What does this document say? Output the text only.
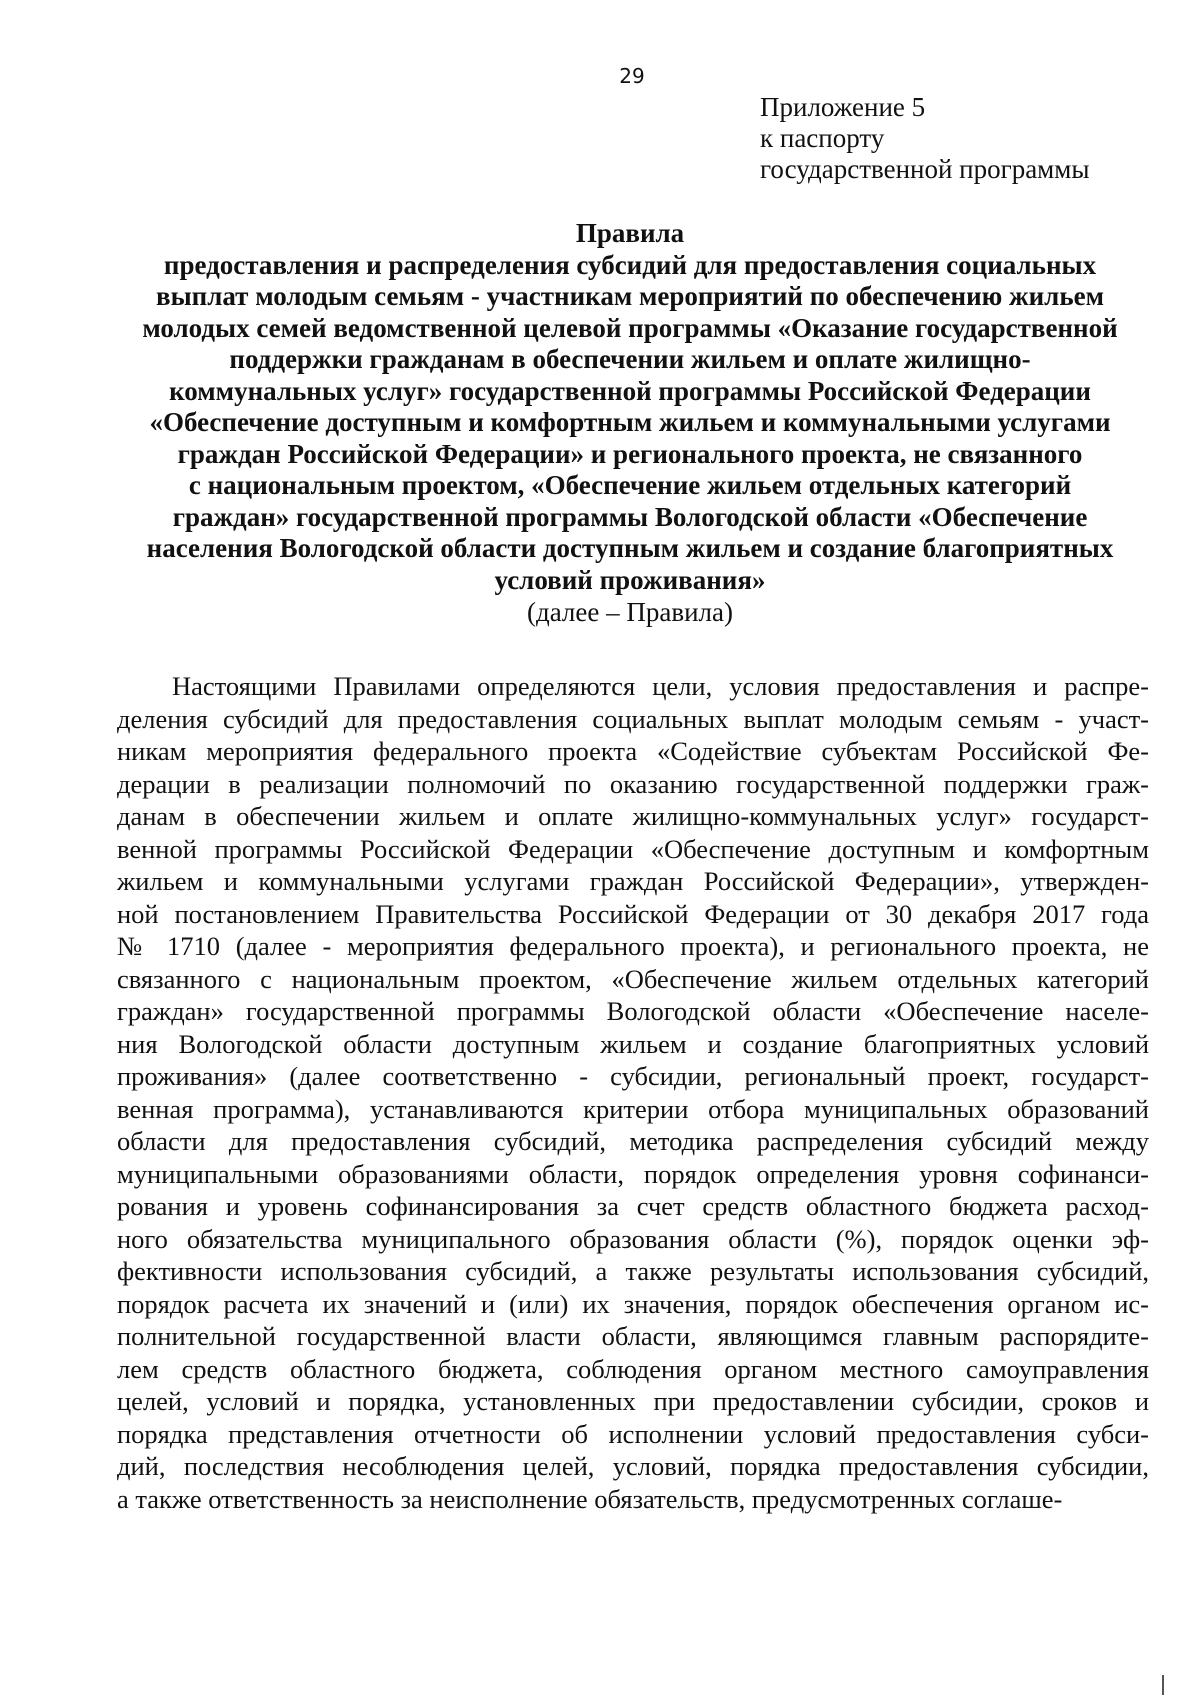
29
Приложение 5
к паспорту
государственной программы
Правила
предоставления и распределения субсидий для предоставления социальных
выплат молодым семьям - участникам мероприятий по обеспечению жильем
молодых семей ведомственной целевой программы «Оказание государственной
поддержки гражданам в обеспечении жильем и оплате жилищно-
коммунальных услуг» государственной программы Российской Федерации
«Обеспечение доступным и комфортным жильем и коммунальными услугами
граждан Российской Федерации» и регионального проекта, не связанного
с национальным проектом, «Обеспечение жильем отдельных категорий
граждан» государственной программы Вологодской области «Обеспечение
населения Вологодской области доступным жильем и создание благоприятных
условий проживания»
(далее – Правила)
Настоящими Правилами определяются цели, условия предоставления и распре-
деления субсидий для предоставления социальных выплат молодым семьям - участ-
никам мероприятия федерального проекта «Содействие субъектам Российской Фе-
дерации в реализации полномочий по оказанию государственной поддержки граж-
данам в обеспечении жильем и оплате жилищно-коммунальных услуг» государст-
венной программы Российской Федерации «Обеспечение доступным и комфортным
жильем и коммунальными услугами граждан Российской Федерации», утвержден-
ной постановлением Правительства Российской Федерации от 30 декабря 2017 года
№ 1710 (далее - мероприятия федерального проекта), и регионального проекта, не
связанного с национальным проектом, «Обеспечение жильем отдельных категорий
граждан» государственной программы Вологодской области «Обеспечение населе-
ния Вологодской области доступным жильем и создание благоприятных условий
проживания» (далее соответственно - субсидии, региональный проект, государст-
венная программа), устанавливаются критерии отбора муниципальных образований
области для предоставления субсидий, методика распределения субсидий между
муниципальными образованиями области, порядок определения уровня софинанси-
рования и уровень софинансирования за счет средств областного бюджета расход-
ного обязательства муниципального образования области (%), порядок оценки эф-
фективности использования субсидий, а также результаты использования субсидий,
порядок расчета их значений и (или) их значения, порядок обеспечения органом ис-
полнительной государственной власти области, являющимся главным распорядите-
лем средств областного бюджета, соблюдения органом местного самоуправления
целей, условий и порядка, установленных при предоставлении субсидии, сроков и
порядка представления отчетности об исполнении условий предоставления субси-
дий, последствия несоблюдения целей, условий, порядка предоставления субсидии,
а также ответственность за неисполнение обязательств, предусмотренных соглаше-
